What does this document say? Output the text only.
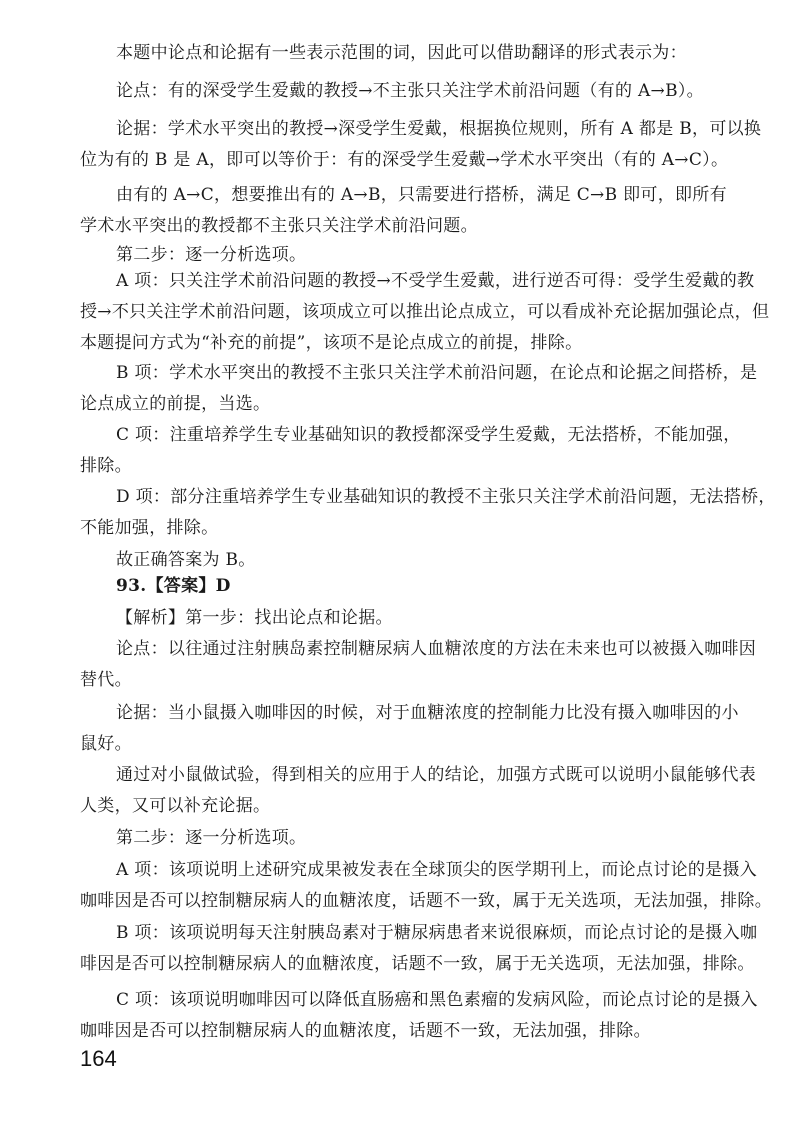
本题中论点和论据有一些表示范围的词，因此可以借助翻译的形式表示为：
论点：有的深受学生爱戴的教授→不主张只关注学术前沿问题（有的 A→B）。
论据：学术水平突出的教授→深受学生爱戴，根据换位规则，所有 A 都是 B，可以换
位为有的 B 是 A，即可以等价于：有的深受学生爱戴→学术水平突出（有的 A→C）。
由有的 A→C，想要推出有的 A→B，只需要进行搭桥，满足 C→B 即可，即所有
学术水平突出的教授都不主张只关注学术前沿问题。
第二步：逐一分析选项。
A 项：只关注学术前沿问题的教授→不受学生爱戴，进行逆否可得：受学生爱戴的教
授→不只关注学术前沿问题，该项成立可以推出论点成立，可以看成补充论据加强论点，但
本题提问方式为“补充的前提”，该项不是论点成立的前提，排除。
B 项：学术水平突出的教授不主张只关注学术前沿问题，在论点和论据之间搭桥，是
论点成立的前提，当选。
C 项：注重培养学生专业基础知识的教授都深受学生爱戴，无法搭桥，不能加强，
排除。
D 项：部分注重培养学生专业基础知识的教授不主张只关注学术前沿问题，无法搭桥，
不能加强，排除。
故正确答案为 B。
93.【答案】D
【解析】第一步：找出论点和论据。
论点：以往通过注射胰岛素控制糖尿病人血糖浓度的方法在未来也可以被摄入咖啡因
替代。
论据：当小鼠摄入咖啡因的时候，对于血糖浓度的控制能力比没有摄入咖啡因的小
鼠好。
通过对小鼠做试验，得到相关的应用于人的结论，加强方式既可以说明小鼠能够代表
人类，又可以补充论据。
第二步：逐一分析选项。
A 项：该项说明上述研究成果被发表在全球顶尖的医学期刊上，而论点讨论的是摄入
咖啡因是否可以控制糖尿病人的血糖浓度，话题不一致，属于无关选项，无法加强，排除。
B 项：该项说明每天注射胰岛素对于糖尿病患者来说很麻烦，而论点讨论的是摄入咖
啡因是否可以控制糖尿病人的血糖浓度，话题不一致，属于无关选项，无法加强，排除。
C 项：该项说明咖啡因可以降低直肠癌和黑色素瘤的发病风险，而论点讨论的是摄入
咖啡因是否可以控制糖尿病人的血糖浓度，话题不一致，无法加强，排除。
164
